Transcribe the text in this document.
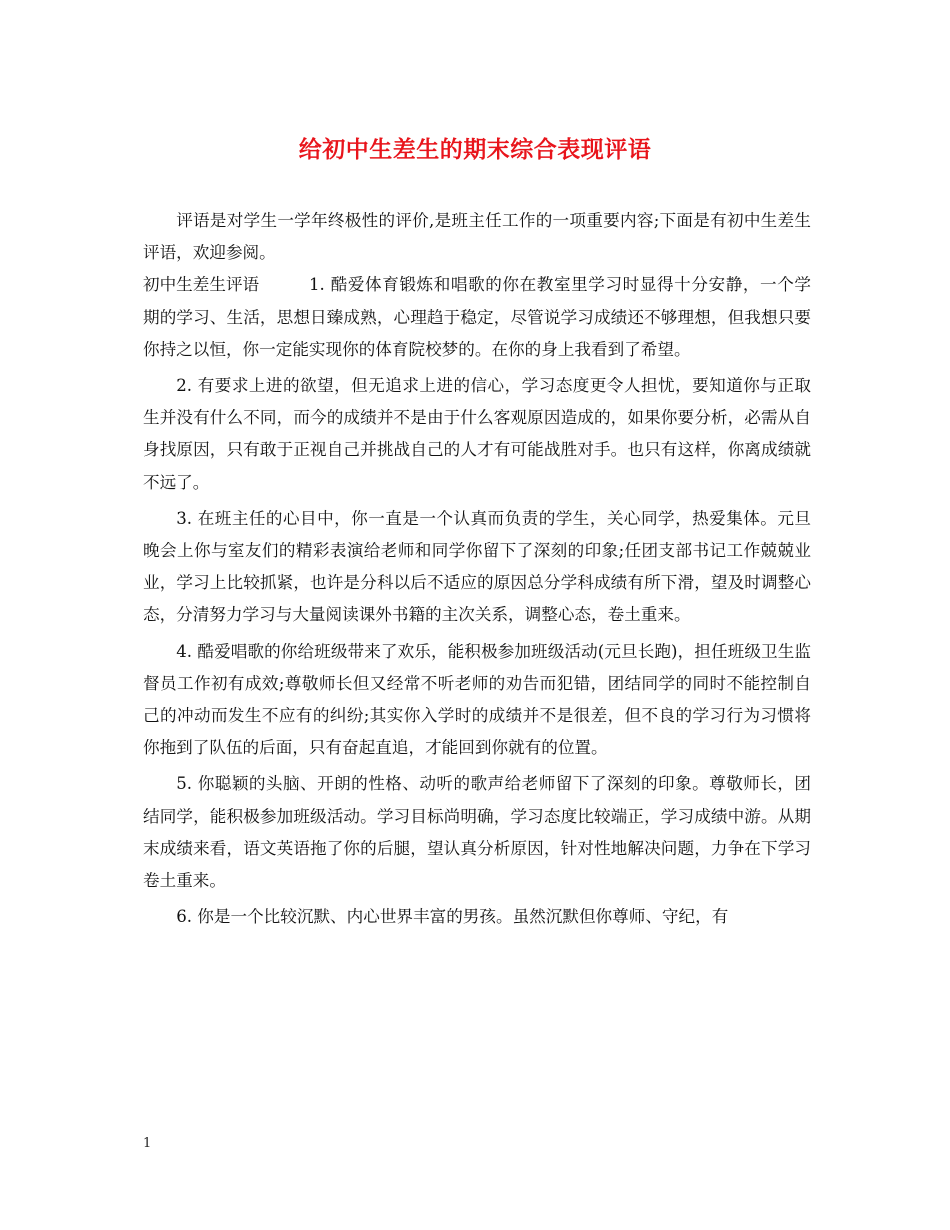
给初中生差生的期末综合表现评语

评语是对学生一学年终极性的评价,是班主任工作的一项重要内容;下面是有初中生差生评语，欢迎参阅。

初中生差生评语	1. 酷爱体育锻炼和唱歌的你在教室里学习时显得十分安静，一个学期的学习、生活，思想日臻成熟，心理趋于稳定，尽管说学习成绩还不够理想，但我想只要你持之以恒，你一定能实现你的体育院校梦的。在你的身上我看到了希望。

2. 有要求上进的欲望，但无追求上进的信心，学习态度更令人担忧，要知道你与正取生并没有什么不同，而今的成绩并不是由于什么客观原因造成的，如果你要分析，必需从自身找原因，只有敢于正视自己并挑战自己的人才有可能战胜对手。也只有这样，你离成绩就不远了。

3. 在班主任的心目中，你一直是一个认真而负责的学生，关心同学，热爱集体。元旦晚会上你与室友们的精彩表演给老师和同学你留下了深刻的印象;任团支部书记工作兢兢业业，学习上比较抓紧，也许是分科以后不适应的原因总分学科成绩有所下滑，望及时调整心态，分清努力学习与大量阅读课外书籍的主次关系，调整心态，卷土重来。

4. 酷爱唱歌的你给班级带来了欢乐，能积极参加班级活动(元旦长跑)，担任班级卫生监督员工作初有成效;尊敬师长但又经常不听老师的劝告而犯错，团结同学的同时不能控制自己的冲动而发生不应有的纠纷;其实你入学时的成绩并不是很差，但不良的学习行为习惯将你拖到了队伍的后面，只有奋起直追，才能回到你就有的位置。

5. 你聪颖的头脑、开朗的性格、动听的歌声给老师留下了深刻的印象。尊敬师长，团结同学，能积极参加班级活动。学习目标尚明确，学习态度比较端正，学习成绩中游。从期末成绩来看，语文英语拖了你的后腿，望认真分析原因，针对性地解决问题，力争在下学习卷土重来。

6. 你是一个比较沉默、内心世界丰富的男孩。虽然沉默但你尊师、守纪，有

1
